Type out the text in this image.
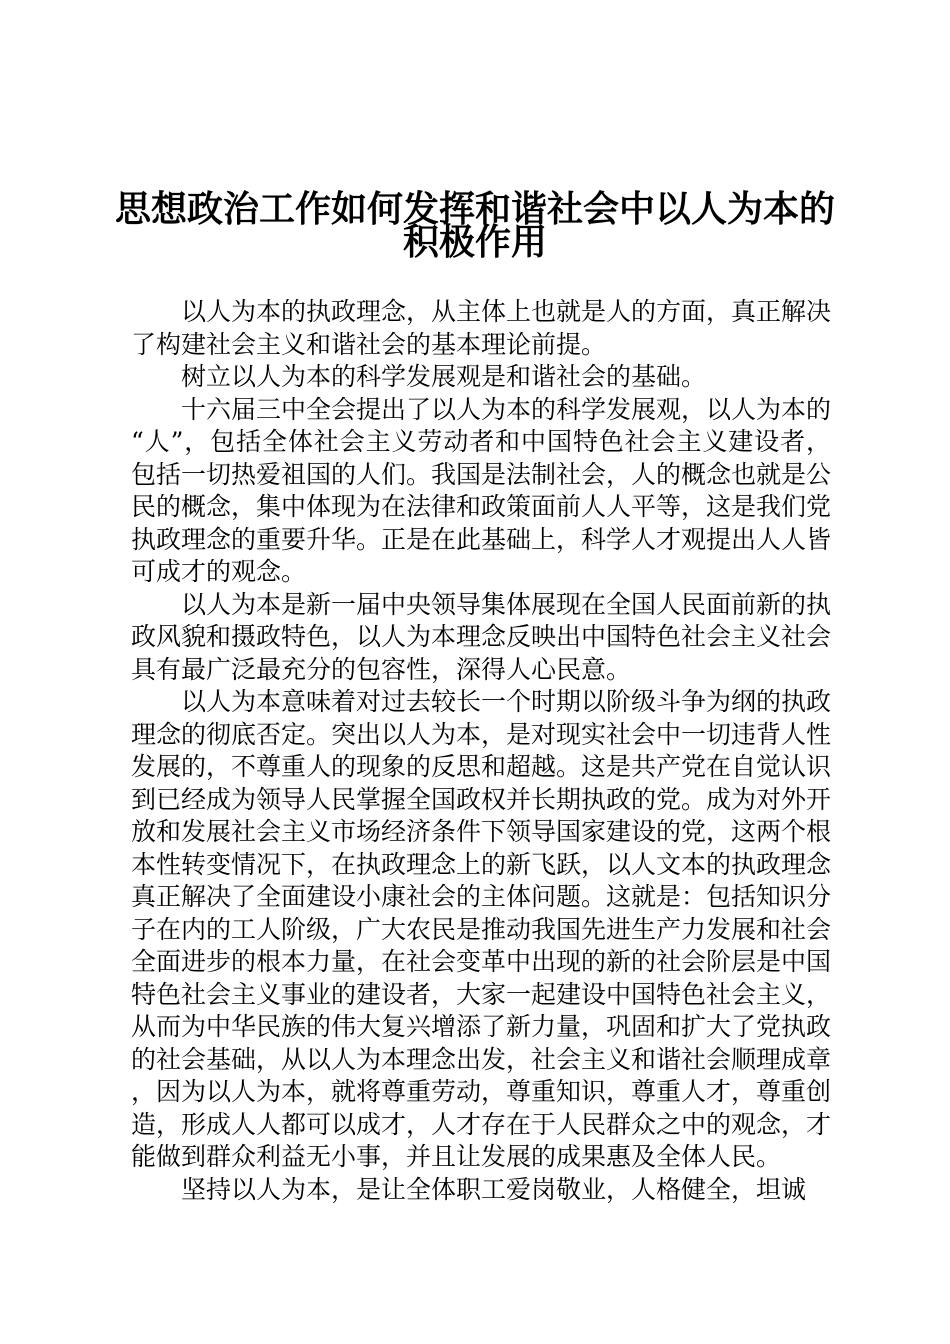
思想政治工作如何发挥和谐社会中以人为本的
积极作用

以人为本的执政理念，从主体上也就是人的方面，真正解决了构建社会主义和谐社会的基本理论前提。

树立以人为本的科学发展观是和谐社会的基础。

十六届三中全会提出了以人为本的科学发展观，以人为本的“人”，包括全体社会主义劳动者和中国特色社会主义建设者，包括一切热爱祖国的人们。我国是法制社会，人的概念也就是公民的概念，集中体现为在法律和政策面前人人平等，这是我们党执政理念的重要升华。正是在此基础上，科学人才观提出人人皆可成才的观念。

以人为本是新一届中央领导集体展现在全国人民面前新的执政风貌和摄政特色，以人为本理念反映出中国特色社会主义社会具有最广泛最充分的包容性，深得人心民意。

以人为本意味着对过去较长一个时期以阶级斗争为纲的执政理念的彻底否定。突出以人为本，是对现实社会中一切违背人性发展的，不尊重人的现象的反思和超越。这是共产党在自觉认识到已经成为领导人民掌握全国政权并长期执政的党。成为对外开放和发展社会主义市场经济条件下领导国家建设的党，这两个根本性转变情况下，在执政理念上的新飞跃，以人文本的执政理念真正解决了全面建设小康社会的主体问题。这就是：包括知识分子在内的工人阶级，广大农民是推动我国先进生产力发展和社会全面进步的根本力量，在社会变革中出现的新的社会阶层是中国特色社会主义事业的建设者，大家一起建设中国特色社会主义，从而为中华民族的伟大复兴增添了新力量，巩固和扩大了党执政的社会基础，从以人为本理念出发，社会主义和谐社会顺理成章，因为以人为本，就将尊重劳动，尊重知识，尊重人才，尊重创造，形成人人都可以成才，人才存在于人民群众之中的观念，才能做到群众利益无小事，并且让发展的成果惠及全体人民。

坚持以人为本，是让全体职工爱岗敬业，人格健全，坦诚
